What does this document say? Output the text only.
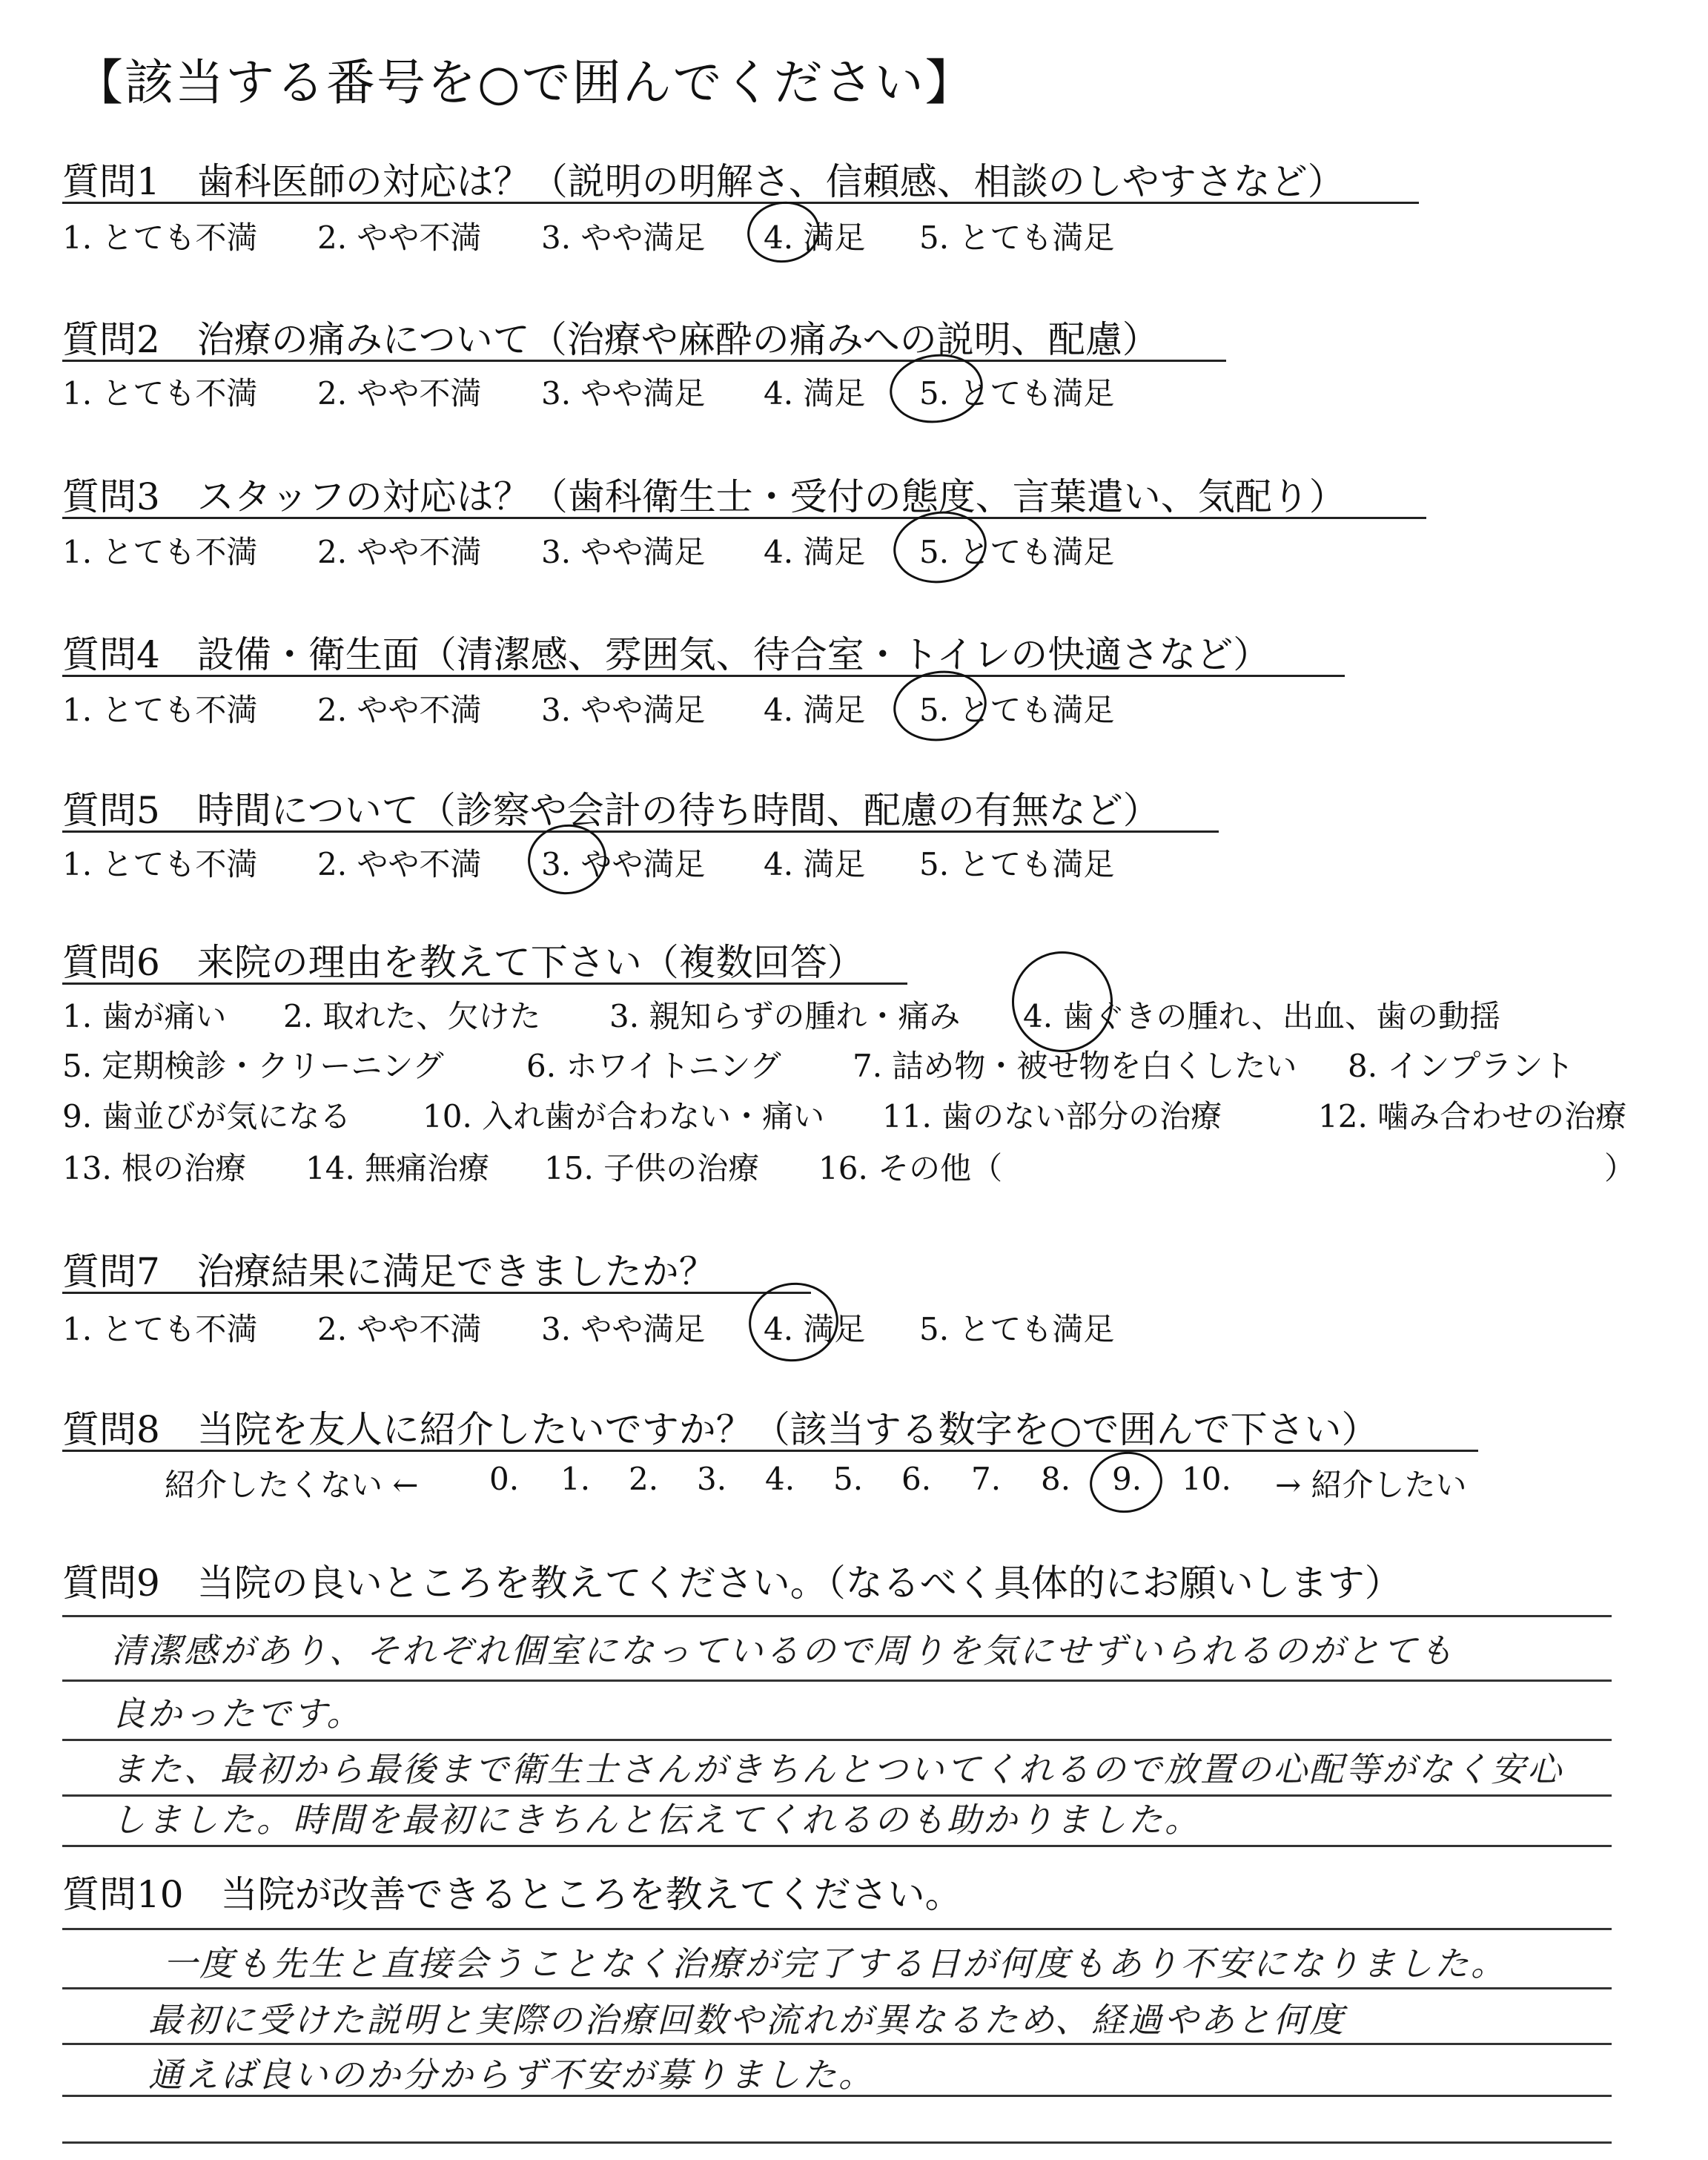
【該当する番号を○で囲んでください】
質問1　歯科医師の対応は？（説明の明解さ、信頼感、相談のしやすさなど）
1. とても不満 2. やや不満 3. やや満足 4. 満足 5. とても満足
質問2　治療の痛みについて（治療や麻酔の痛みへの説明、配慮）
1. とても不満 2. やや不満 3. やや満足 4. 満足 5. とても満足
質問3　スタッフの対応は？（歯科衛生士・受付の態度、言葉遣い、気配り）
1. とても不満 2. やや不満 3. やや満足 4. 満足 5. とても満足
質問4　設備・衛生面（清潔感、雰囲気、待合室・トイレの快適さなど）
1. とても不満 2. やや不満 3. やや満足 4. 満足 5. とても満足
質問5　時間について（診察や会計の待ち時間、配慮の有無など）
1. とても不満 2. やや不満 3. やや満足 4. 満足 5. とても満足
質問6　来院の理由を教えて下さい（複数回答）
1. 歯が痛い 2. 取れた、欠けた 3. 親知らずの腫れ・痛み 4. 歯ぐきの腫れ、出血、歯の動揺
5. 定期検診・クリーニング	6. ホワイトニング 7. 詰め物・被せ物を白くしたい 8. インプラント
9. 歯並びが気になる 10. 入れ歯が合わない・痛い 11. 歯のない部分の治療	12. 噛み合わせの治療
13. 根の治療 14. 無痛治療 15. 子供の治療 16. その他（	）
質問7　治療結果に満足できましたか？
1. とても不満 2. やや不満 3. やや満足 4. 満足 5. とても満足
質問8　当院を友人に紹介したいですか？（該当する数字を○で囲んで下さい）
紹介したくない ← 0. 1. 2. 3. 4. 5. 6. 7. 8. 9. 10. → 紹介したい
質問9　当院の良いところを教えてください。（なるべく具体的にお願いします）
清潔感があり、それぞれ個室になっているので周りを気にせずいられるのがとても
良かったです。
また、最初から最後まで衛生士さんがきちんとついてくれるので放置の心配等がなく安心
しました。時間を最初にきちんと伝えてくれるのも助かりました。
質問10　当院が改善できるところを教えてください。
一度も先生と直接会うことなく治療が完了する日が何度もあり不安になりました。
最初に受けた説明と実際の治療回数や流れが異なるため、経過やあと何度
通えば良いのか分からず不安が募りました。
